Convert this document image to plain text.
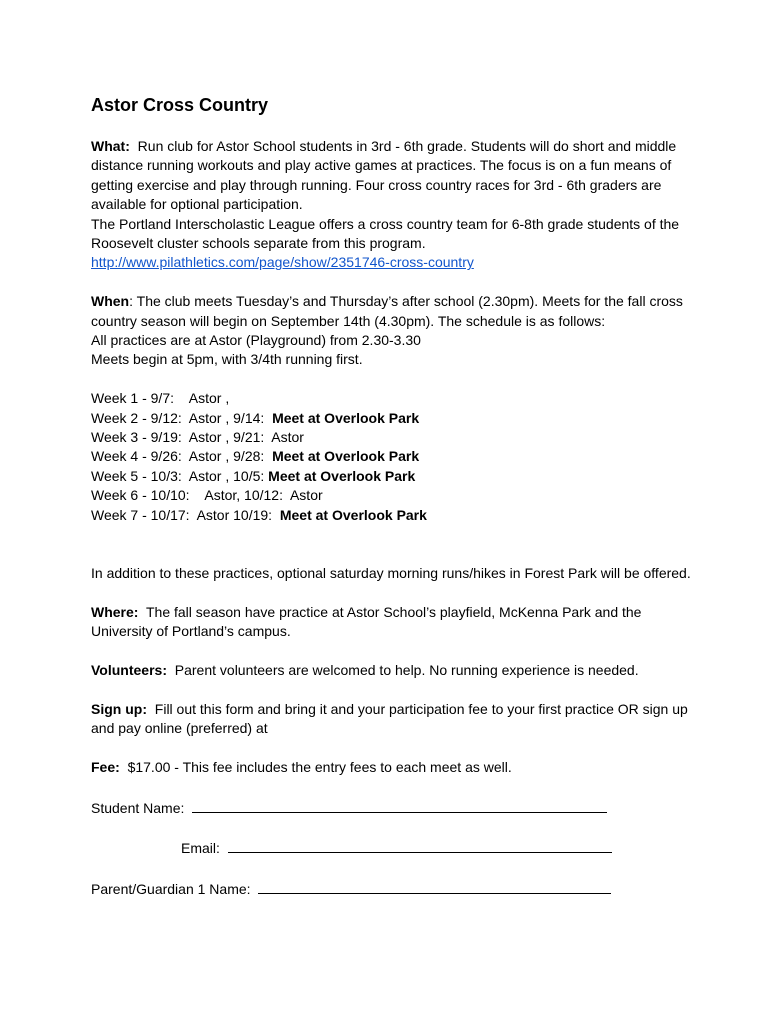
Astor Cross Country

What: Run club for Astor School students in 3rd - 6th grade. Students will do short and middle distance running workouts and play active games at practices. The focus is on a fun means of getting exercise and play through running. Four cross country races for 3rd - 6th graders are available for optional participation.

The Portland Interscholastic League offers a cross country team for 6-8th grade students of the Roosevelt cluster schools separate from this program.

http://www.pilathletics.com/page/show/2351746-cross-country

When: The club meets Tuesday’s and Thursday’s after school (2.30pm). Meets for the fall cross country season will begin on September 14th (4.30pm). The schedule is as follows:

All practices are at Astor (Playground) from 2.30-3.30

Meets begin at 5pm, with 3/4th running first.

Week 1 - 9/7:    Astor ,
Week 2 - 9/12:  Astor , 9/14:  Meet at Overlook Park
Week 3 - 9/19:  Astor , 9/21:  Astor
Week 4 - 9/26:  Astor , 9/28:  Meet at Overlook Park
Week 5 - 10/3:  Astor , 10/5: Meet at Overlook Park
Week 6 - 10/10:    Astor, 10/12:  Astor
Week 7 - 10/17:  Astor 10/19:  Meet at Overlook Park

In addition to these practices, optional saturday morning runs/hikes in Forest Park will be offered.

Where: The fall season have practice at Astor School’s playfield, McKenna Park and the University of Portland’s campus.

Volunteers: Parent volunteers are welcomed to help. No running experience is needed.

Sign up: Fill out this form and bring it and your participation fee to your first practice OR sign up and pay online (preferred) at

Fee: $17.00 - This fee includes the entry fees to each meet as well.

Student Name:

Email:

Parent/Guardian 1 Name:
